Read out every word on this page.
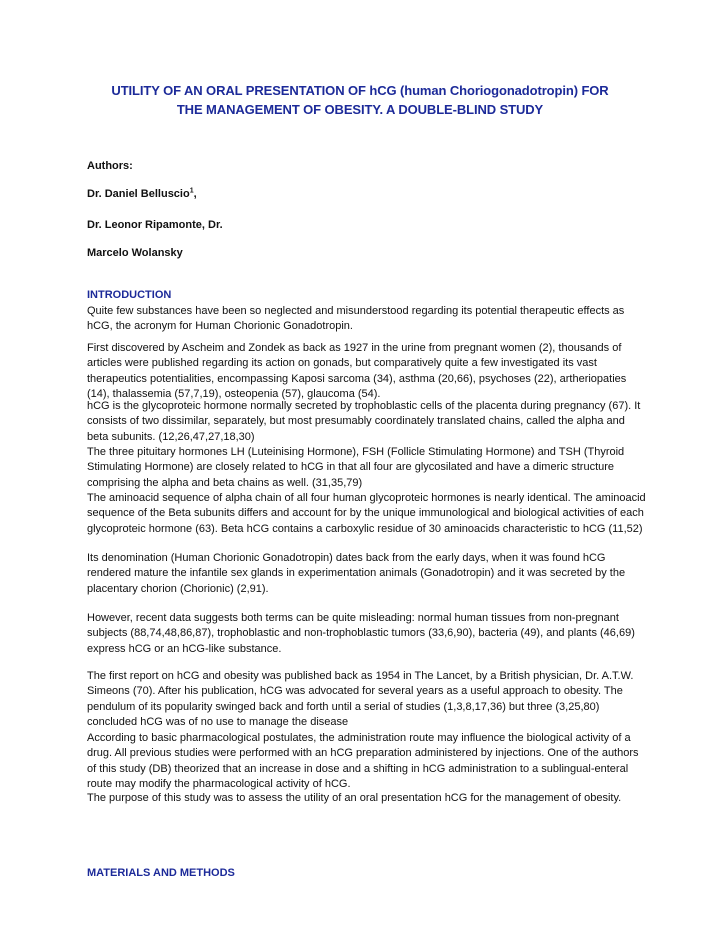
UTILITY OF AN ORAL PRESENTATION OF hCG (human Choriogonadotropin) FOR
THE MANAGEMENT OF OBESITY. A DOUBLE-BLIND STUDY
Authors:
Dr. Daniel Belluscio$^1$,
Dr. Leonor Ripamonte, Dr.
Marcelo Wolansky
INTRODUCTION

Quite few substances have been so neglected and misunderstood regarding its potential therapeutic effects as hCG, the acronym for Human Chorionic Gonadotropin.

First discovered by Ascheim and Zondek as back as 1927 in the urine from pregnant women (2), thousands of articles were published regarding its action on gonads, but comparatively quite a few investigated its vast therapeutics potentialities, encompassing Kaposi sarcoma (34), asthma (20,66), psychoses (22), artheriopaties (14), thalassemia (57,7,19), osteopenia (57), glaucoma (54).

hCG is the glycoproteic hormone normally secreted by trophoblastic cells of the placenta during pregnancy (67). It consists of two dissimilar, separately, but most presumably coordinately translated chains, called the alpha and beta subunits. (12,26,47,27,18,30)

The three pituitary hormones LH (Luteinising Hormone), FSH (Follicle Stimulating Hormone) and TSH (Thyroid Stimulating Hormone) are closely related to hCG in that all four are glycosilated and have a dimeric structure comprising the alpha and beta chains as well. (31,35,79)

The aminoacid sequence of alpha chain of all four human glycoproteic hormones is nearly identical. The aminoacid sequence of the Beta subunits differs and account for by the unique immunological and biological activities of each glycoproteic hormone (63). Beta hCG contains a carboxylic residue of 30 aminoacids characteristic to hCG (11,52)

Its denomination (Human Chorionic Gonadotropin) dates back from the early days, when it was found hCG rendered mature the infantile sex glands in experimentation animals (Gonadotropin) and it was secreted by the placentary chorion (Chorionic) (2,91).

However, recent data suggests both terms can be quite misleading: normal human tissues from non-pregnant subjects (88,74,48,86,87), trophoblastic and non-trophoblastic tumors (33,6,90), bacteria (49), and plants (46,69) express hCG or an hCG-like substance.

The first report on hCG and obesity was published back as 1954 in The Lancet, by a British physician, Dr. A.T.W. Simeons (70). After his publication, hCG was advocated for several years as a useful approach to obesity. The pendulum of its popularity swinged back and forth until a serial of studies (1,3,8,17,36) but three (3,25,80) concluded hCG was of no use to manage the disease

According to basic pharmacological postulates, the administration route may influence the biological activity of a drug. All previous studies were performed with an hCG preparation administered by injections. One of the authors of this study (DB) theorized that an increase in dose and a shifting in hCG administration to a sublingual-enteral route may modify the pharmacological activity of hCG.

The purpose of this study was to assess the utility of an oral presentation hCG for the management of obesity.

MATERIALS AND METHODS
